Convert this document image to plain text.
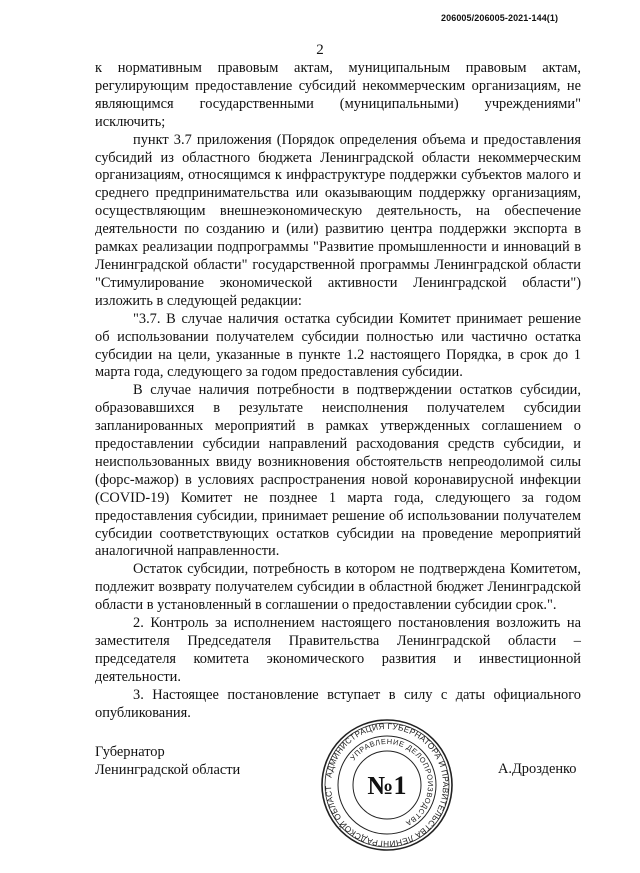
206005/206005-2021-144(1)
2

к нормативным правовым актам, муниципальным правовым актам, регулирующим предоставление субсидий некоммерческим организациям, не являющимся государственными (муниципальными) учреждениями" исключить;

пункт 3.7 приложения (Порядок определения объема и предоставления субсидий из областного бюджета Ленинградской области некоммерческим организациям, относящимся к инфраструктуре поддержки субъектов малого и среднего предпринимательства или оказывающим поддержку организациям, осуществляющим внешнеэкономическую деятельность, на обеспечение деятельности по созданию и (или) развитию центра поддержки экспорта в рамках реализации подпрограммы "Развитие промышленности и инноваций в Ленинградской области" государственной программы Ленинградской области "Стимулирование экономической активности Ленинградской области") изложить в следующей редакции:

"3.7. В случае наличия остатка субсидии Комитет принимает решение об использовании получателем субсидии полностью или частично остатка субсидии на цели, указанные в пункте 1.2 настоящего Порядка, в срок до 1 марта года, следующего за годом предоставления субсидии.

В случае наличия потребности в подтверждении остатков субсидии, образовавшихся в результате неисполнения получателем субсидии запланированных мероприятий в рамках утвержденных соглашением о предоставлении субсидии направлений расходования средств субсидии, и неиспользованных ввиду возникновения обстоятельств непреодолимой силы (форс-мажор) в условиях распространения новой коронавирусной инфекции (COVID-19) Комитет не позднее 1 марта года, следующего за годом предоставления субсидии, принимает решение об использовании получателем субсидии соответствующих остатков субсидии на проведение мероприятий аналогичной направленности.

Остаток субсидии, потребность в котором не подтверждена Комитетом, подлежит возврату получателем субсидии в областной бюджет Ленинградской области в установленный в соглашении о предоставлении субсидии срок.".

2. Контроль за исполнением настоящего постановления возложить на заместителя Председателя Правительства Ленинградской области – председателя комитета экономического развития и инвестиционной деятельности.

3. Настоящее постановление вступает в силу с даты официального опубликования.

Губернатор
Ленинградской области	АДМИНИСТРАЦИЯ ГУБЕРНАТОРА И ПРАВИТЕЛЬСТВА ЛЕНИНГРАДСКОЙ ОБЛАСТ
УПРАВЛЕНИЕ ДЕЛОПРОИЗВОДСТВА
№1
А.Дрозденко
